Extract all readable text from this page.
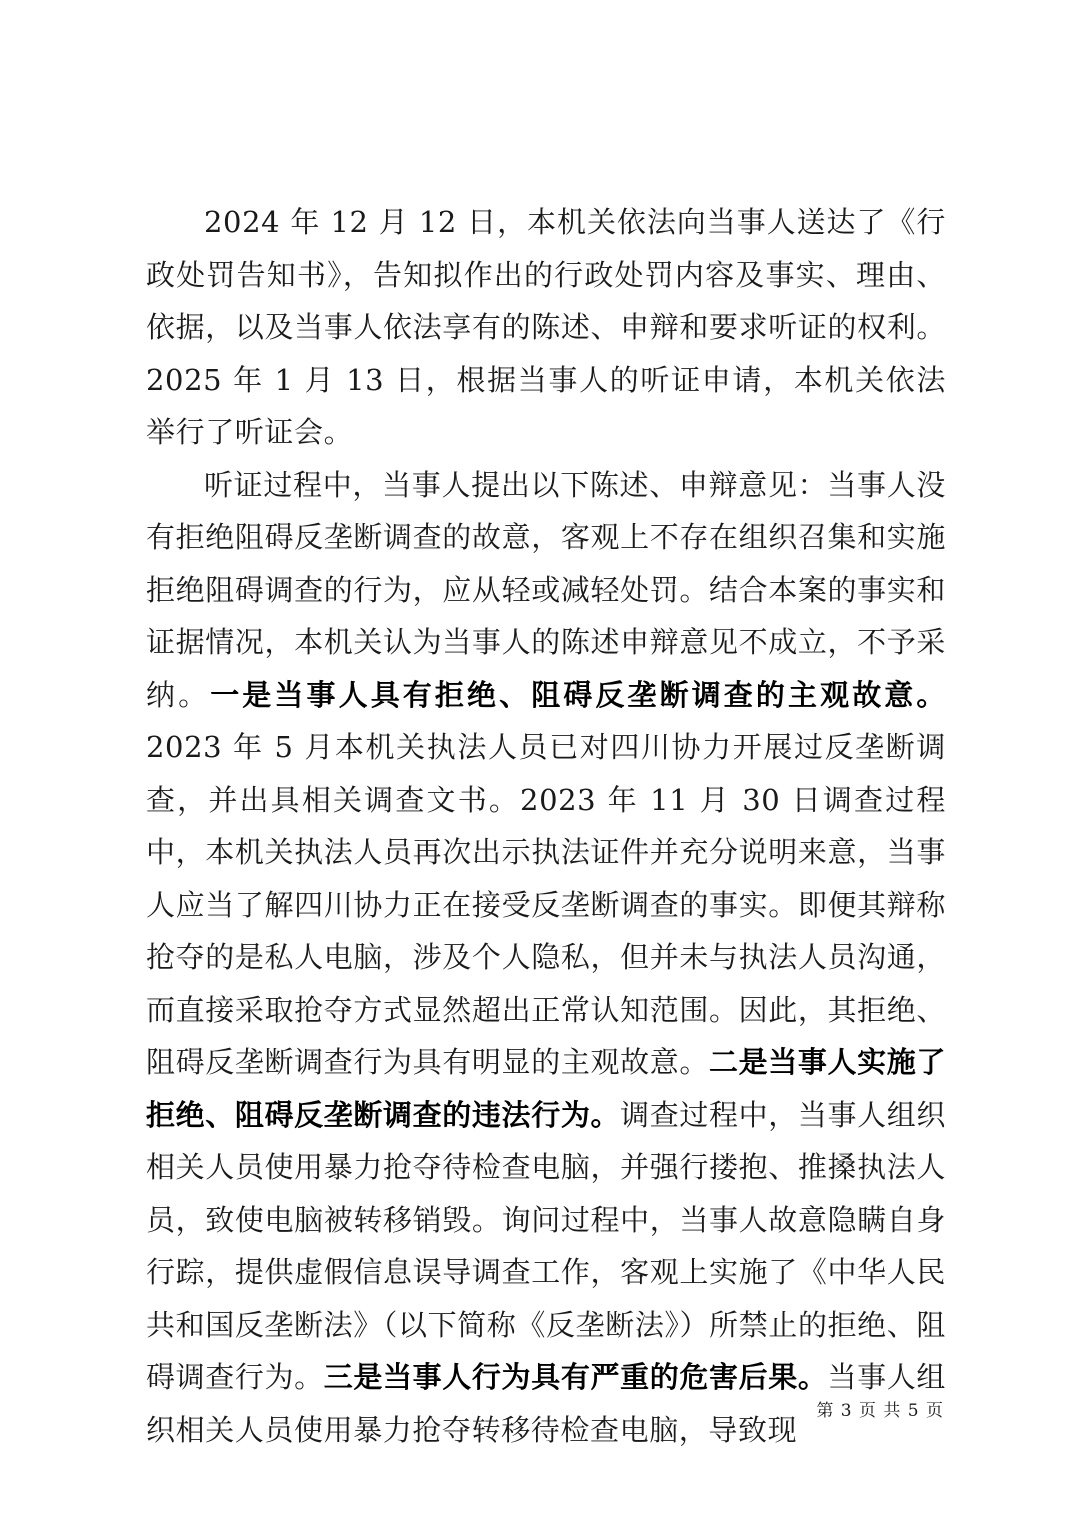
2024 年 12 月 12 日，本机关依法向当事人送达了《行政处罚告知书》，告知拟作出的行政处罚内容及事实、理由、依据，以及当事人依法享有的陈述、申辩和要求听证的权利。2025 年 1 月 13 日，根据当事人的听证申请，本机关依法举行了听证会。

听证过程中，当事人提出以下陈述、申辩意见：当事人没有拒绝阻碍反垄断调查的故意，客观上不存在组织召集和实施拒绝阻碍调查的行为，应从轻或减轻处罚。结合本案的事实和证据情况，本机关认为当事人的陈述申辩意见不成立，不予采纳。一是当事人具有拒绝、阻碍反垄断调查的主观故意。2023 年 5 月本机关执法人员已对四川协力开展过反垄断调查，并出具相关调查文书。2023 年 11 月 30 日调查过程中，本机关执法人员再次出示执法证件并充分说明来意，当事人应当了解四川协力正在接受反垄断调查的事实。即便其辩称抢夺的是私人电脑，涉及个人隐私，但并未与执法人员沟通，而直接采取抢夺方式显然超出正常认知范围。因此，其拒绝、阻碍反垄断调查行为具有明显的主观故意。二是当事人实施了拒绝、阻碍反垄断调查的违法行为。调查过程中，当事人组织相关人员使用暴力抢夺待检查电脑，并强行搂抱、推搡执法人员，致使电脑被转移销毁。询问过程中，当事人故意隐瞒自身行踪，提供虚假信息误导调查工作，客观上实施了《中华人民共和国反垄断法》（以下简称《反垄断法》）所禁止的拒绝、阻碍调查行为。三是当事人行为具有严重的危害后果。当事人组织相关人员使用暴力抢夺转移待检查电脑，导致现

第 3 页 共 5 页
